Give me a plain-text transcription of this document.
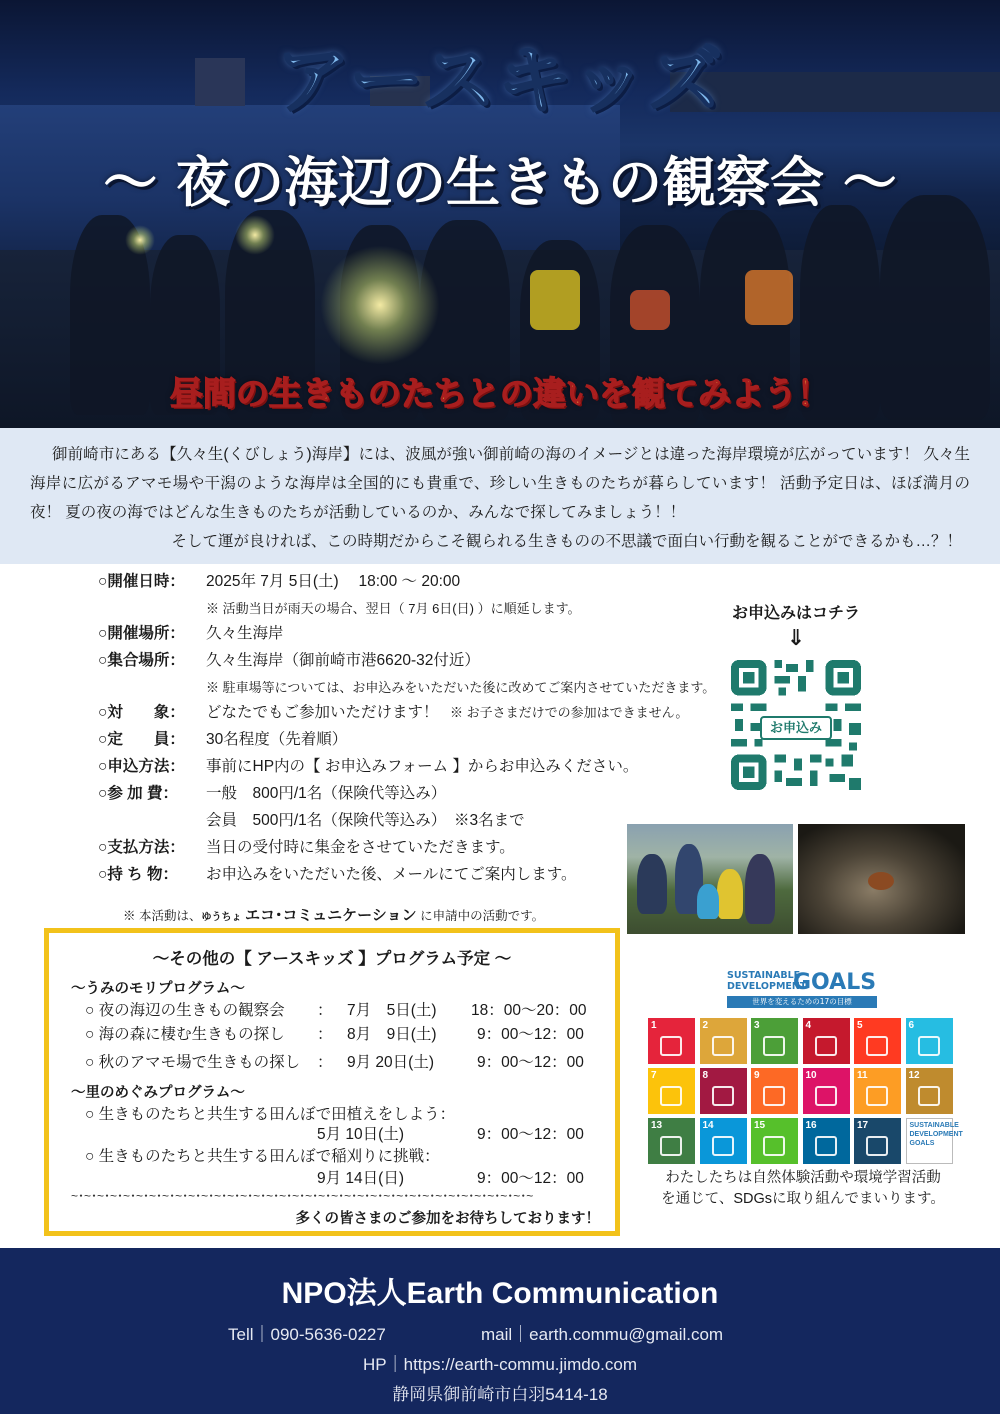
アースキッズ
～ 夜の海辺の生きもの観察会 ～
昼間の生きものたちとの違いを観てみよう！

御前崎市にある【久々生(くびしょう)海岸】には、波風が強い御前崎の海のイメージとは違った海岸環境が広がっています！ 久々生海岸に広がるアマモ場や干潟のような海岸は全国的にも貴重で、珍しい生きものたちが暮らしています！ 活動予定日は、ほぼ満月の夜！ 夏の夜の海ではどんな生きものたちが活動しているのか、みんなで探してみましょう！！

そして運が良ければ、この時期だからこそ観られる生きものの不思議で面白い行動を観ることができるかも…？！

○開催日時： 2025年 7月 5日(土)　 18:00 ～ 20:00
※ 活動当日が雨天の場合、翌日（ 7月 6日(日) ）に順延します。
○開催場所： 久々生海岸
○集合場所： 久々生海岸（御前崎市港6620-32付近）
※ 駐車場等については、お申込みをいただいた後に改めてご案内させていただきます。
○対　　象： どなたでもご参加いただけます！ ※ お子さまだけでの参加はできません。
○定　　員： 30名程度（先着順）
○申込方法： 事前にHP内の【 お申込みフォーム 】からお申込みください。
○参 加 費： 一般　800円/1名（保険代等込み）
会員　500円/1名（保険代等込み）　※3名まで
○支払方法： 当日の受付時に集金をさせていただきます。
○持 ち 物： お申込みをいただいた後、メールにてご案内します。
※ 本活動は、ゆうちょ エコ･コミュニケーション に申請中の活動です。
お申込みはコチラ
⇓
お申込み
～その他の【 アースキッズ 】プログラム予定 ～
～うみのモリプログラム～
○ 夜の海辺の生きもの観察会 ： 7月　5日(土) 18：00～20：00
○ 海の森に棲む生きもの探し ： 8月　9日(土)	9：00～12：00
○ 秋のアマモ場で生きもの探し ： 9月 20日(土)	9：00～12：00
～里のめぐみプログラム～
○ 生きものたちと共生する田んぼで田植えをしよう：
5月 10日(土)	9：00～12：00
○ 生きものたちと共生する田んぼで稲刈りに挑戦：
9月 14日(日)	9：00～12：00
~･~･~･~･~･~･~･~･~･~･~･~･~･~･~･~･~･~･~･~･~･~･~･~･~･~･~･~･~･~･~･~･~･~･~･~
多くの皆さまのご参加をお待ちしております！
SUSTAINABLE
DEVELOPMENT
GOALS
世界を変えるための17の目標
1	2	3	4	5	6
7	8	9	10	11	12
13	14	15	16	17	SUSTAINABLE DEVELOPMENT GOALS
わたしたちは自然体験活動や環境学習活動
を通じて、SDGsに取り組んでまいります。
NPO法人Earth Communication
Tell｜090-5636-0227	mail｜earth.commu@gmail.com
HP｜https://earth-commu.jimdo.com
静岡県御前崎市白羽5414-18
